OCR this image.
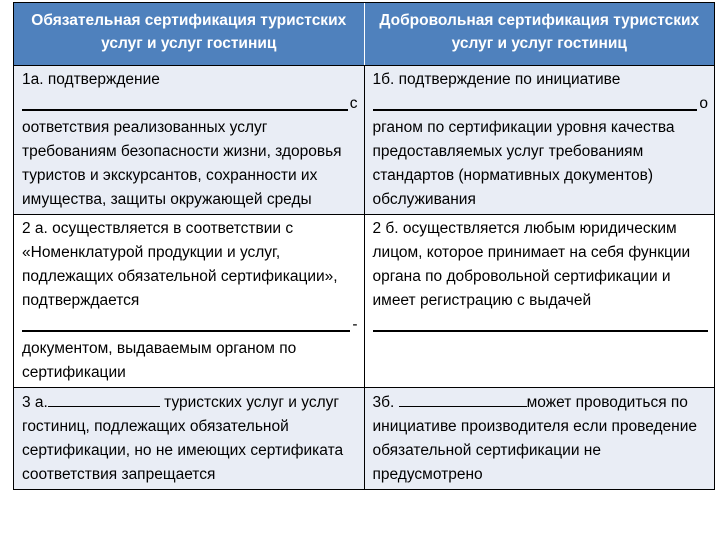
Обязательная сертификация туристских услуг и услуг гостиниц
Добровольная сертификация туристских услуг и услуг гостиниц
1а. подтверждение
с
оответствия реализованных услуг требованиям безопасности жизни, здоровья туристов и экскурсантов, сохранности их имущества, защиты окружающей среды
1б. подтверждение по инициативе
о
рганом по сертификации уровня качества предоставляемых услуг требованиям стандартов (нормативных документов) обслуживания
2 а. осуществляется в соответствии с «Номенклатурой продукции и услуг, подлежащих обязательной сертификации», подтверждается
-
документом, выдаваемым органом по сертификации
2 б. осуществляется любым юридическим лицом, которое принимает на себя функции органа по добровольной сертификации и имеет регистрацию с выдачей
3 а.	туристских услуг и услуг гостиниц, подлежащих обязательной сертификации, но не имеющих сертификата соответствия запрещается
3б.	может проводиться по инициативе производителя если проведение обязательной сертификации не предусмотрено
